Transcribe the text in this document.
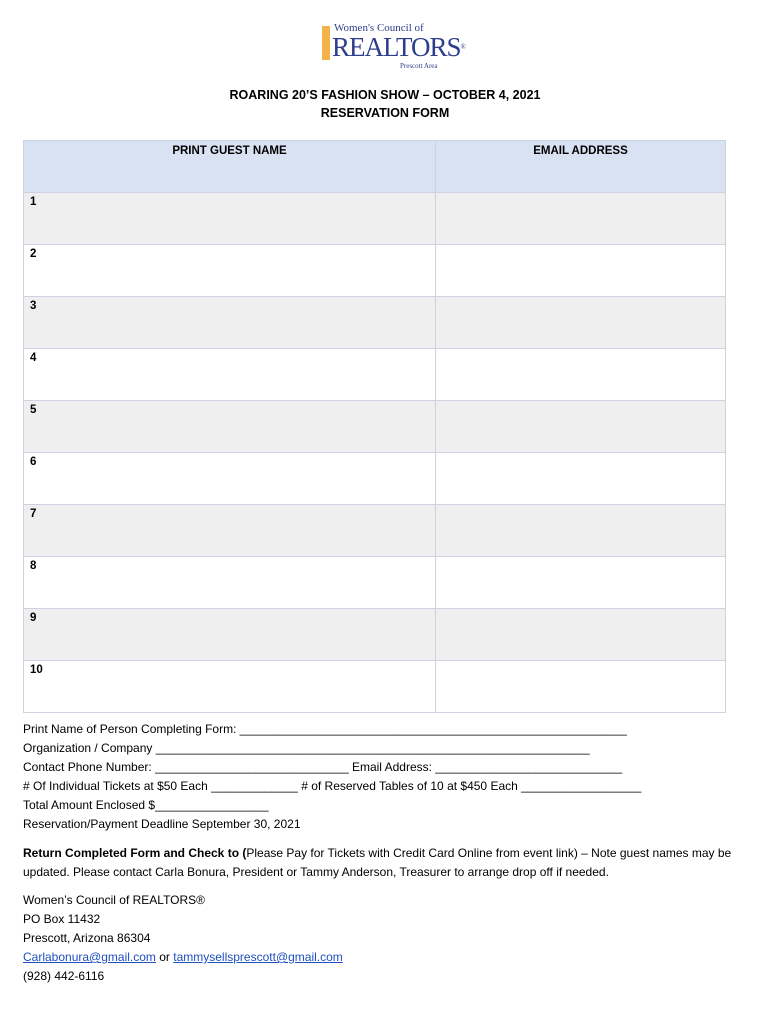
Women's Council of
REALTORS®
Prescott Area
ROARING 20’S FASHION SHOW – OCTOBER 4, 2021
RESERVATION FORM
PRINT GUEST NAME	EMAIL ADDRESS
1	
2	
3	
4	
5	
6	
7	
8	
9	
10	
Print Name of Person Completing Form: __________________________________________________________
Organization / Company _________________________________________________________________
Contact Phone Number: _____________________________ Email Address: ____________________________
# Of Individual Tickets at $50 Each _____________ # of Reserved Tables of 10 at $450 Each __________________
Total Amount Enclosed $_________________
Reservation/Payment Deadline September 30, 2021
Return Completed Form and Check to (Please Pay for Tickets with Credit Card Online from event link) – Note guest names may be updated. Please contact Carla Bonura, President or Tammy Anderson, Treasurer to arrange drop off if needed.
Women’s Council of REALTORS®
PO Box 11432
Prescott, Arizona 86304
Carlabonura@gmail.com or tammysellsprescott@gmail.com
(928) 442-6116
